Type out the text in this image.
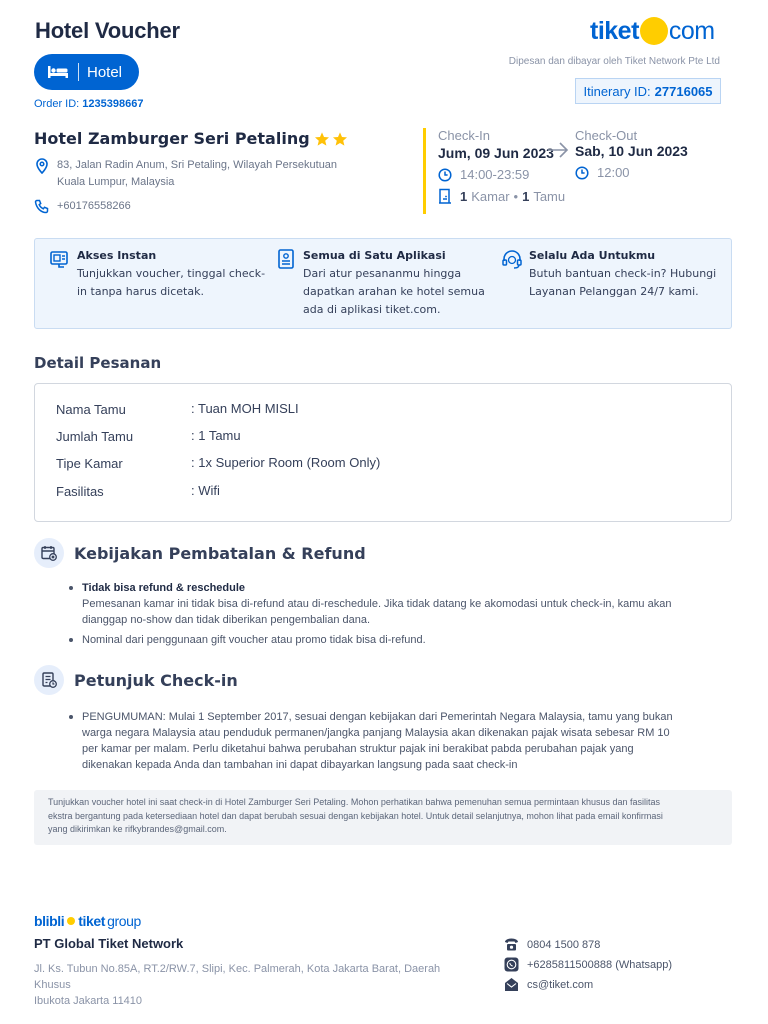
Hotel Voucher
Hotel
Order ID: 1235398667
tiket com
Dipesan dan dibayar oleh Tiket Network Pte Ltd
Itinerary ID: 27716065
Hotel Zamburger Seri Petaling
83, Jalan Radin Anum, Sri Petaling, Wilayah Persekutuan
Kuala Lumpur, Malaysia
+60176558266
Check-In
Jum, 09 Jun 2023
14:00-23:59
Check-Out
Sab, 10 Jun 2023
12:00
1 Kamar • 1 Tamu
Akses Instan
Tunjukkan voucher, tinggal check-
in tanpa harus dicetak.
Semua di Satu Aplikasi
Dari atur pesananmu hingga
dapatkan arahan ke hotel semua
ada di aplikasi tiket.com.
Selalu Ada Untukmu
Butuh bantuan check-in? Hubungi
Layanan Pelanggan 24/7 kami.
Detail Pesanan
Nama Tamu	: Tuan MOH MISLI
Jumlah Tamu	: 1 Tamu
Tipe Kamar	: 1x Superior Room (Room Only)
Fasilitas	: Wifi
Kebijakan Pembatalan & Refund
Tidak bisa refund & reschedule
Pemesanan kamar ini tidak bisa di-refund atau di-reschedule. Jika tidak datang ke akomodasi untuk check-in, kamu akan
dianggap no-show dan tidak diberikan pengembalian dana.
Nominal dari penggunaan gift voucher atau promo tidak bisa di-refund.
Petunjuk Check-in
PENGUMUMAN: Mulai 1 September 2017, sesuai dengan kebijakan dari Pemerintah Negara Malaysia, tamu yang bukan
warga negara Malaysia atau penduduk permanen/jangka panjang Malaysia akan dikenakan pajak wisata sebesar RM 10
per kamar per malam. Perlu diketahui bahwa perubahan struktur pajak ini berakibat pabda perubahan pajak yang
dikenakan kepada Anda dan tambahan ini dapat dibayarkan langsung pada saat check-in
Tunjukkan voucher hotel ini saat check-in di Hotel Zamburger Seri Petaling. Mohon perhatikan bahwa pemenuhan semua permintaan khusus dan fasilitas
ekstra bergantung pada ketersediaan hotel dan dapat berubah sesuai dengan kebijakan hotel. Untuk detail selanjutnya, mohon lihat pada email konfirmasi
yang dikirimkan ke rifkybrandes@gmail.com.
blibli tiket group
PT Global Tiket Network
Jl. Ks. Tubun No.85A, RT.2/RW.7, Slipi, Kec. Palmerah, Kota Jakarta Barat, Daerah Khusus
Ibukota Jakarta 11410
0804 1500 878
+6285811500888 (Whatsapp)
cs@tiket.com
